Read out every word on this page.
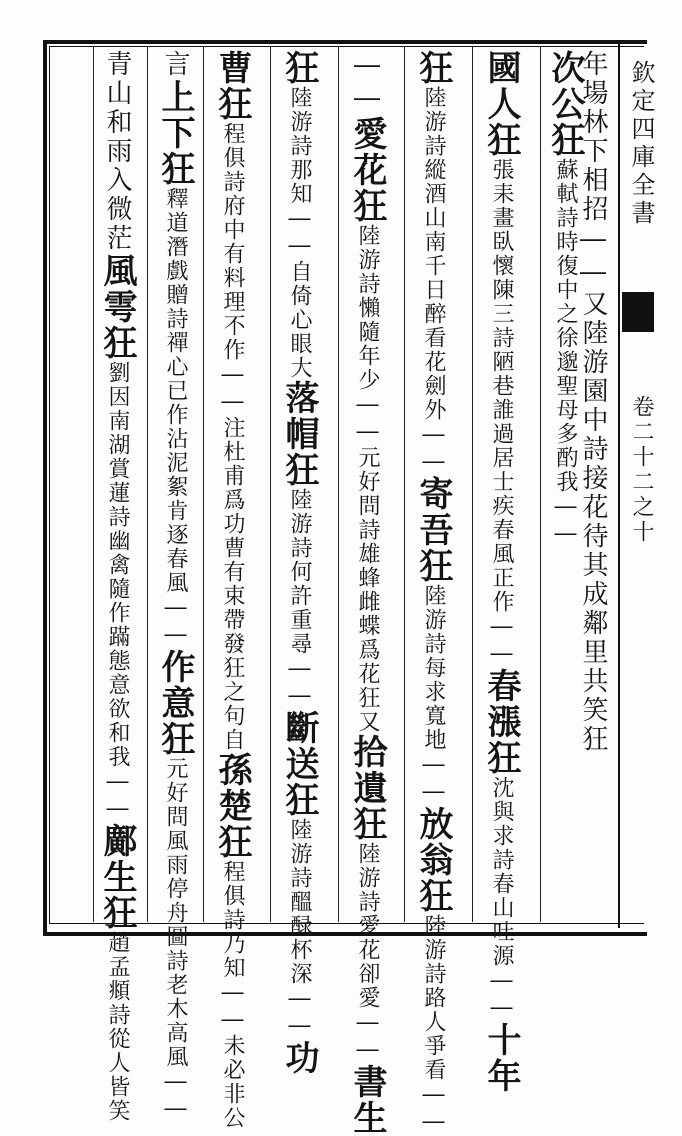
欽定四庫全書
卷二十二之十
年場林下相招――又陸游園中詩接花待其成鄰里共笑狂
次公狂蘇軾詩時復中之徐邈聖母多酌我――
國人狂張耒畫臥懷陳三詩陋巷誰過居士疾春風正作――春漲狂沈與求詩春山吐源――十年
狂陸游詩縱酒山南千日醉看花劍外――寄吾狂陸游詩每求寬地――放翁狂陸游詩路人爭看――
――愛花狂陸游詩懶隨年少――元好問詩雄蜂雌蝶爲花狂又拾遺狂陸游詩愛花卻愛――書生
狂陸游詩那知――自倚心眼大落帽狂陸游詩何許重尋――斷送狂陸游詩醞醁杯深――功
曹狂程俱詩府中有料理不作――注杜甫爲功曹有束帶發狂之句自孫楚狂程俱詩乃知――未必非公
言上下狂釋道潛戲贈詩禪心已作沾泥絮肯逐春風――作意狂元好問風雨停舟圖詩老木高風――
青山和雨入微茫風雩狂劉因南湖賞蓮詩幽禽隨作蹣態意欲和我――鄺生狂趙孟頫詩從人皆笑
